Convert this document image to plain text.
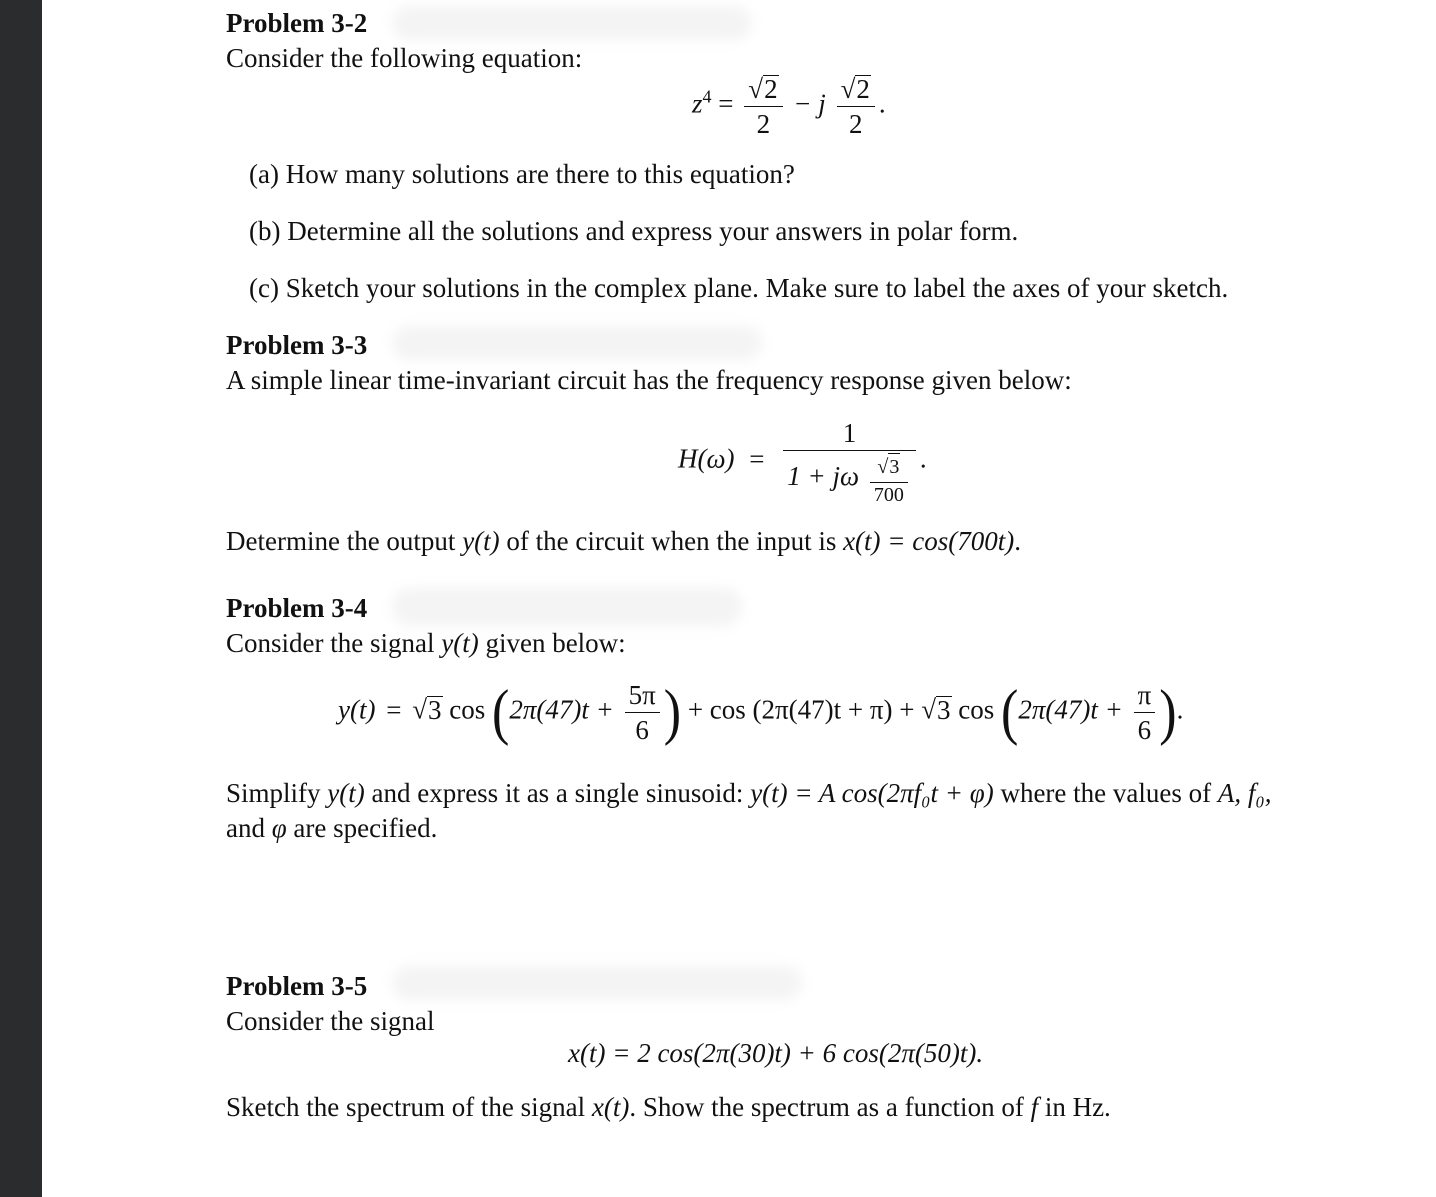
Problem 3-2
Consider the following equation:
$z^4 = \frac{√2}{2} - j \frac{√2}{2}$ .
(a) How many solutions are there to this equation?
(b) Determine all the solutions and express your answers in polar form.
(c) Sketch your solutions in the complex plane. Make sure to label the axes of your sketch.
Problem 3-3
A simple linear time-invariant circuit has the frequency response given below:
$H(\omega) = \frac{1}{1 + j\omega \frac{√3}{700}}$ .
Determine the output y(t) of the circuit when the input is x(t) = cos(700t).
Problem 3-4
Consider the signal y(t) given below:
y(t) = √3 $\cos (2\pi(47)t + \frac{5\pi}{6}$ ) + cos (2π(47)t + π) + √3 $\cos (2\pi(47)t + \frac{\pi}{6}$ ).
Simplify y(t) and express it as a single sinusoid: y(t) = A cos(2πf₀t + φ) where the values of A, f₀,
and φ are specified.
Problem 3-5
Consider the signal
x(t) = 2 cos(2π(30)t) + 6 cos(2π(50)t).
Sketch the spectrum of the signal x(t). Show the spectrum as a function of f in Hz.
